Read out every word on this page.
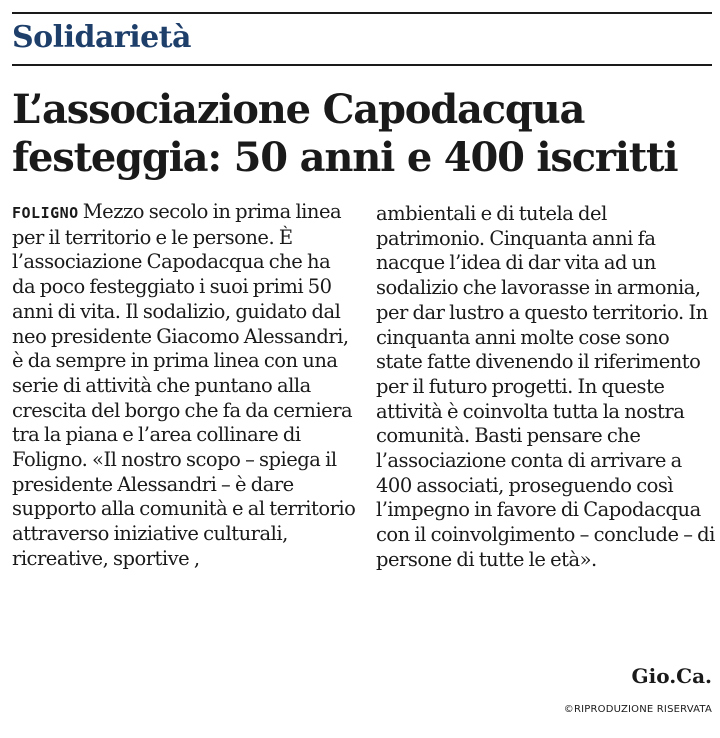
Solidarietà
L’associazione Capodacqua festeggia: 50 anni e 400 iscritti

FOLIGNO Mezzo secolo in prima linea per il territorio e le persone. È l’associazione Capodacqua che ha da poco festeggiato i suoi primi 50 anni di vita. Il sodalizio, guidato dal neo presidente Giacomo Alessandri, è da sempre in prima linea con una serie di attività che puntano alla crescita del borgo che fa da cerniera tra la piana e l’area collinare di Foligno. «Il nostro scopo – spiega il presidente Alessandri – è dare supporto alla comunità e al territorio attraverso iniziative culturali, ricreative, sportive ,

ambientali e di tutela del patrimonio. Cinquanta anni fa nacque l’idea di dar vita ad un sodalizio che lavorasse in armonia, per dar lustro a questo territorio. In cinquanta anni molte cose sono state fatte divenendo il riferimento per il futuro progetti. In queste attività è coinvolta tutta la nostra comunità. Basti pensare che l’associazione conta di arrivare a 400 associati, proseguendo così l’impegno in favore di Capodacqua con il coinvolgimento – conclude – di persone di tutte le età».

Gio.Ca.
©RIPRODUZIONE RISERVATA
